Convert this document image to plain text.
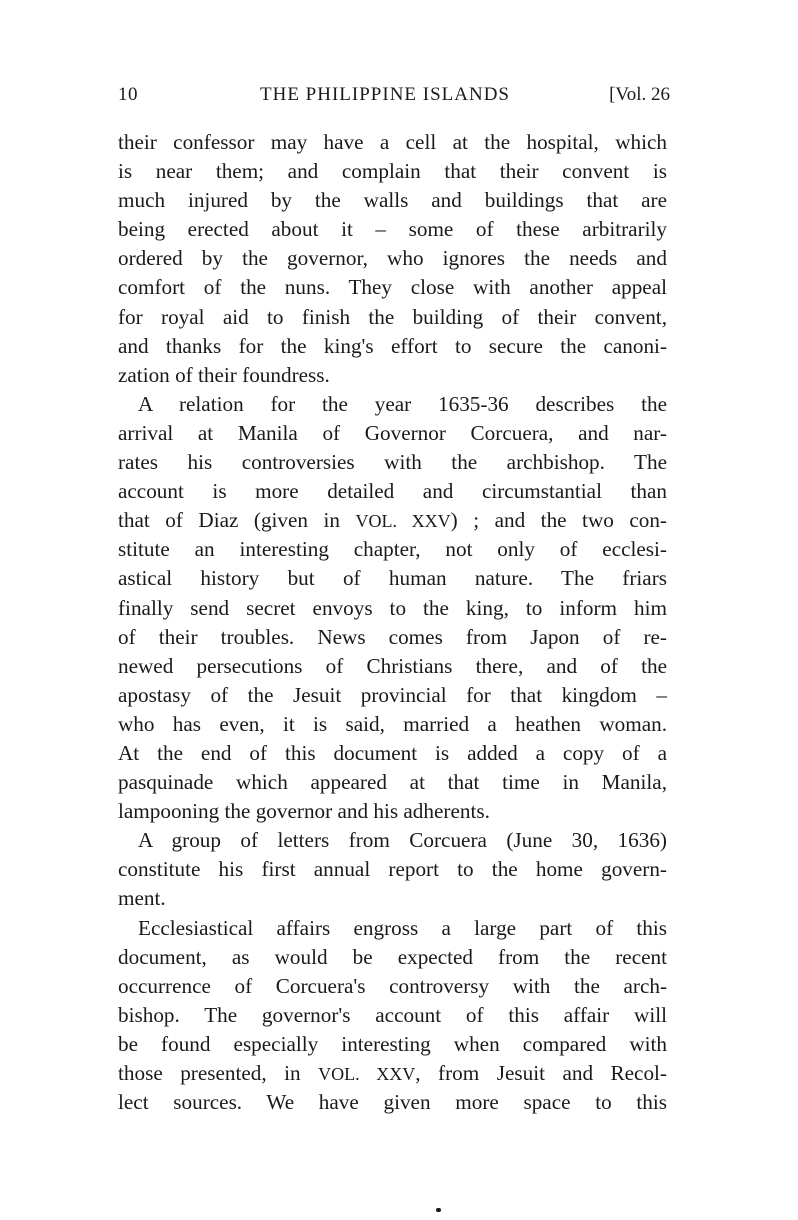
10	THE PHILIPPINE ISLANDS	[Vol. 26
their confessor may have a cell at the hospital, which
is near them; and complain that their convent is
much injured by the walls and buildings that are
being erected about it – some of these arbitrarily
ordered by the governor, who ignores the needs and
comfort of the nuns. They close with another appeal
for royal aid to finish the building of their convent,
and thanks for the king's effort to secure the canoni-
zation of their foundress.
A relation for the year 1635-36 describes the
arrival at Manila of Governor Corcuera, and nar-
rates his controversies with the archbishop. The
account is more detailed and circumstantial than
that of Diaz (given in VOL. XXV) ; and the two con-
stitute an interesting chapter, not only of ecclesi-
astical history but of human nature. The friars
finally send secret envoys to the king, to inform him
of their troubles. News comes from Japon of re-
newed persecutions of Christians there, and of the
apostasy of the Jesuit provincial for that kingdom –
who has even, it is said, married a heathen woman.
At the end of this document is added a copy of a
pasquinade which appeared at that time in Manila,
lampooning the governor and his adherents.
A group of letters from Corcuera (June 30, 1636)
constitute his first annual report to the home govern-
ment.
Ecclesiastical affairs engross a large part of this
document, as would be expected from the recent
occurrence of Corcuera's controversy with the arch-
bishop. The governor's account of this affair will
be found especially interesting when compared with
those presented, in VOL. XXV, from Jesuit and Recol-
lect sources. We have given more space to this
